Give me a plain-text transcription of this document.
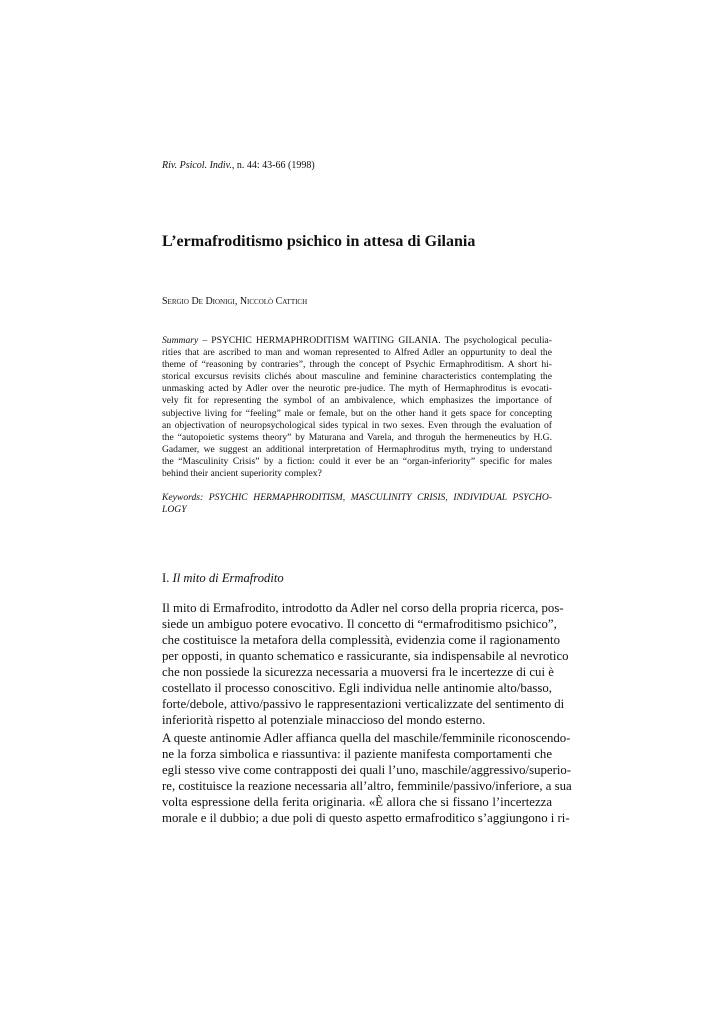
Riv. Psicol. Indiv., n. 44: 43-66 (1998)
L’ermafroditismo psichico in attesa di Gilania
Sergio De Dionigi, Niccolò Cattich
Summary – PSYCHIC HERMAPHRODITISM WAITING GILANIA. The psychological peculia-
rities that are ascribed to man and woman represented to Alfred Adler an oppurtunity to deal the
theme of “reasoning by contraries”, through the concept of Psychic Ermaphroditism. A short hi-
storical excursus revisits clichés about masculine and feminine characteristics contemplating the
unmasking acted by Adler over the neurotic pre-judice. The myth of Hermaphroditus is evocati-
vely fit for representing the symbol of an ambivalence, which emphasizes the importance of
subjective living for “feeling” male or female, but on the other hand it gets space for concepting
an objectivation of neuropsychological sides typical in two sexes. Even through the evaluation of
the “autopoietic systems theory” by Maturana and Varela, and throguh the hermeneutics by H.G.
Gadamer, we suggest an additional interpretation of Hermaphroditus myth, trying to understand
the “Masculinity Crisis” by a fiction: could it ever be an “organ-inferiority” specific for males
behind their ancient superiority complex?
Keywords: PSYCHIC HERMAPHRODITISM, MASCULINITY CRISIS, INDIVIDUAL PSYCHO-
LOGY
I. Il mito di Ermafrodito
Il mito di Ermafrodito, introdotto da Adler nel corso della propria ricerca, pos-
siede un ambiguo potere evocativo. Il concetto di “ermafroditismo psichico”,
che costituisce la metafora della complessità, evidenzia come il ragionamento
per opposti, in quanto schematico e rassicurante, sia indispensabile al nevrotico
che non possiede la sicurezza necessaria a muoversi fra le incertezze di cui è
costellato il processo conoscitivo. Egli individua nelle antinomie alto/basso,
forte/debole, attivo/passivo le rappresentazioni verticalizzate del sentimento di
inferiorità rispetto al potenziale minaccioso del mondo esterno.
A queste antinomie Adler affianca quella del maschile/femminile riconoscendo-
ne la forza simbolica e riassuntiva: il paziente manifesta comportamenti che
egli stesso vive come contrapposti dei quali l’uno, maschile/aggressivo/superio-
re, costituisce la reazione necessaria all’altro, femminile/passivo/inferiore, a sua
volta espressione della ferita originaria. «È allora che si fissano l’incertezza
morale e il dubbio; a due poli di questo aspetto ermafroditico s’aggiungono i ri-
